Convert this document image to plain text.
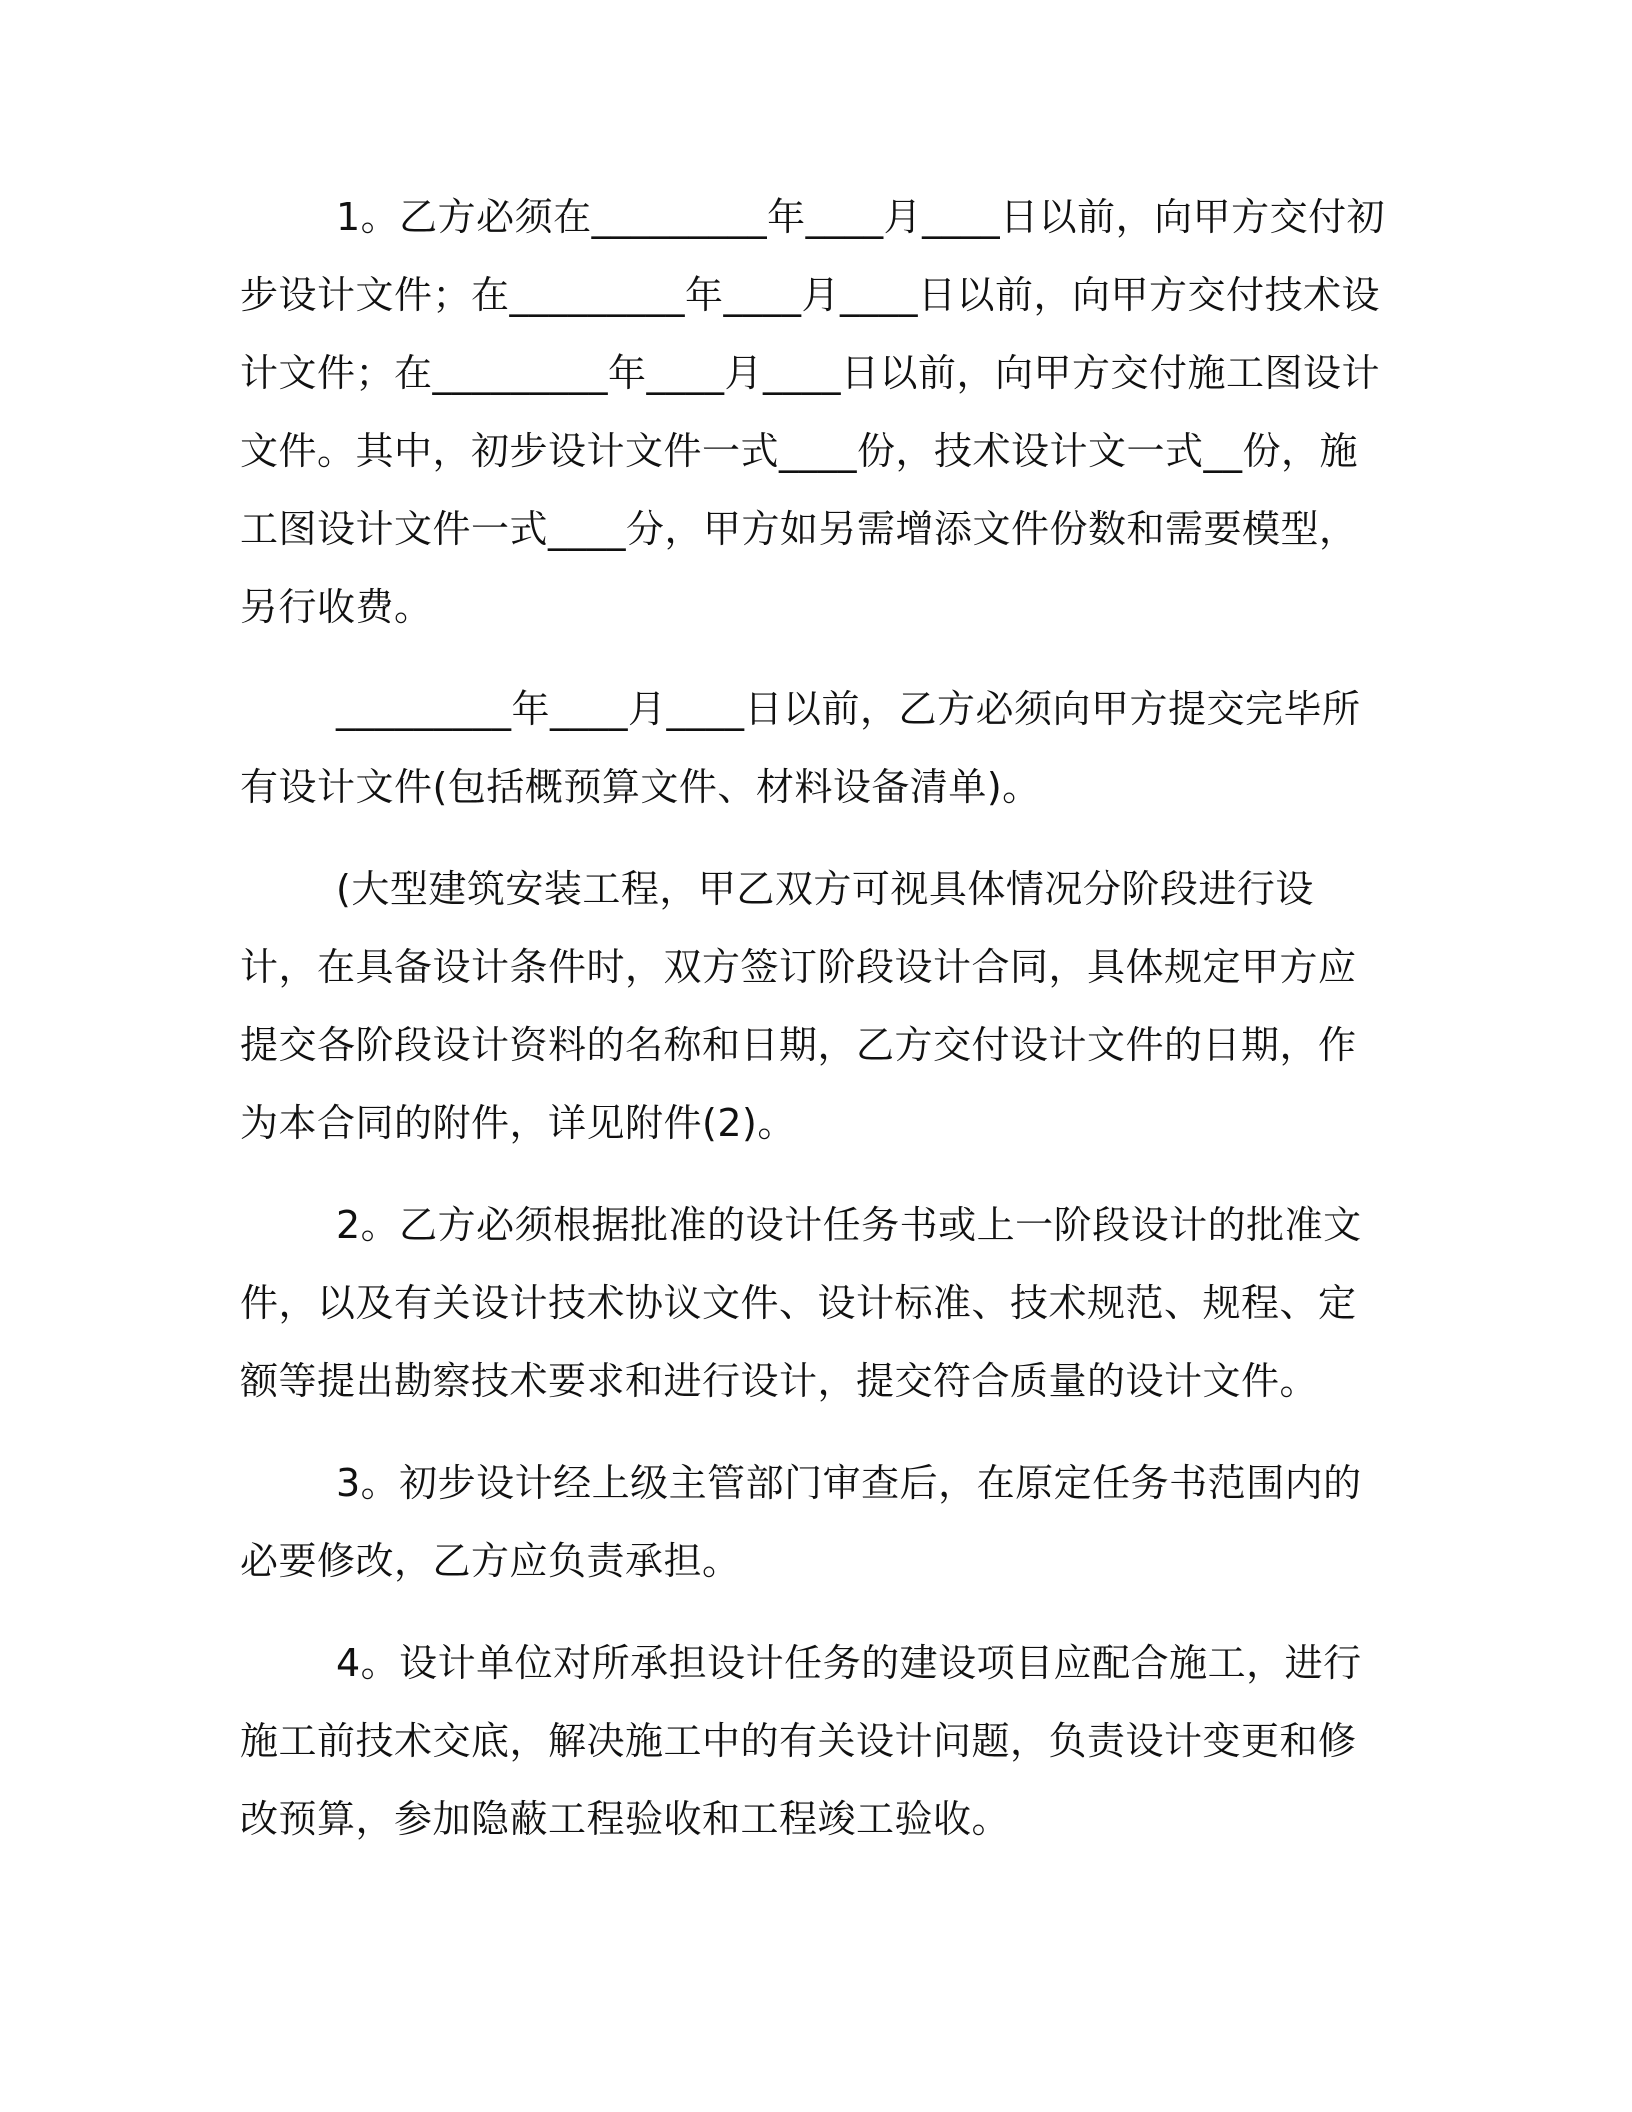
1。乙方必须在_________年____月____日以前，向甲方交付初步设计文件；在_________年____月____日以前，向甲方交付技术设计文件；在_________年____月____日以前，向甲方交付施工图设计文件。其中，初步设计文件一式____份，技术设计文一式__份，施工图设计文件一式____分，甲方如另需增添文件份数和需要模型，另行收费。

_________年____月____日以前，乙方必须向甲方提交完毕所有设计文件(包括概预算文件、材料设备清单)。

(大型建筑安装工程，甲乙双方可视具体情况分阶段进行设计，在具备设计条件时，双方签订阶段设计合同，具体规定甲方应提交各阶段设计资料的名称和日期，乙方交付设计文件的日期，作为本合同的附件，详见附件(2)。

2。乙方必须根据批准的设计任务书或上一阶段设计的批准文件，以及有关设计技术协议文件、设计标准、技术规范、规程、定额等提出勘察技术要求和进行设计，提交符合质量的设计文件。

3。初步设计经上级主管部门审查后，在原定任务书范围内的必要修改，乙方应负责承担。

4。设计单位对所承担设计任务的建设项目应配合施工，进行施工前技术交底，解决施工中的有关设计问题，负责设计变更和修改预算，参加隐蔽工程验收和工程竣工验收。
